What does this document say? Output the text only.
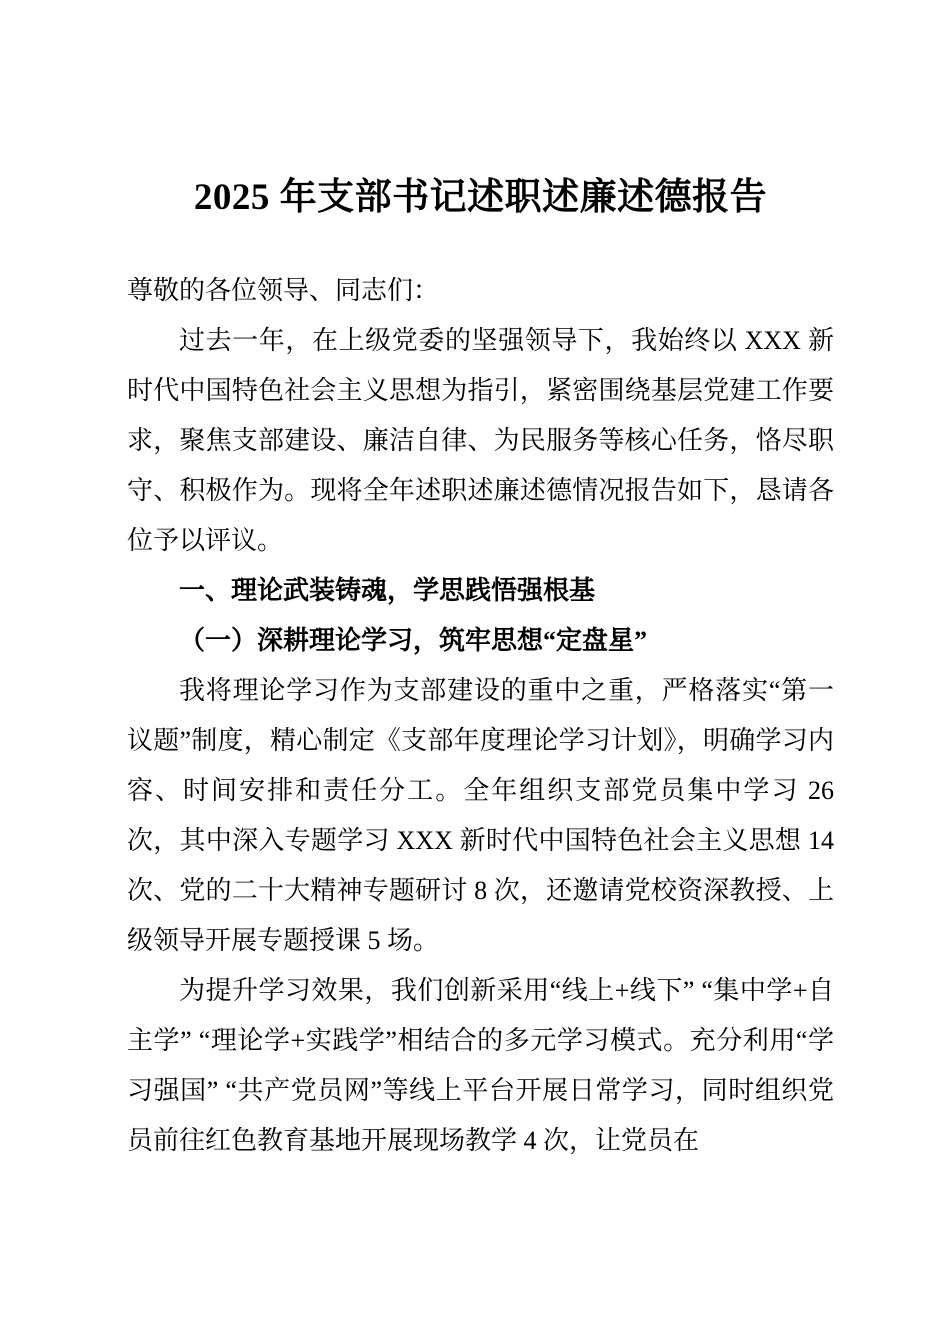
2025 年支部书记述职述廉述德报告

尊敬的各位领导、同志们：

过去一年，在上级党委的坚强领导下，我始终以 XXX 新时代中国特色社会主义思想为指引，紧密围绕基层党建工作要求，聚焦支部建设、廉洁自律、为民服务等核心任务，恪尽职守、积极作为。现将全年述职述廉述德情况报告如下，恳请各位予以评议。

一、理论武装铸魂，学思践悟强根基

（一）深耕理论学习，筑牢思想“定盘星”

我将理论学习作为支部建设的重中之重，严格落实“第一议题”制度，精心制定《支部年度理论学习计划》，明确学习内容、时间安排和责任分工。全年组织支部党员集中学习 26 次，其中深入专题学习 XXX 新时代中国特色社会主义思想 14 次、党的二十大精神专题研讨 8 次，还邀请党校资深教授、上级领导开展专题授课 5 场。

为提升学习效果，我们创新采用“线上+线下” “集中学+自主学” “理论学+实践学”相结合的多元学习模式。充分利用“学习强国” “共产党员网”等线上平台开展日常学习，同时组织党员前往红色教育基地开展现场教学 4 次，让党员在
